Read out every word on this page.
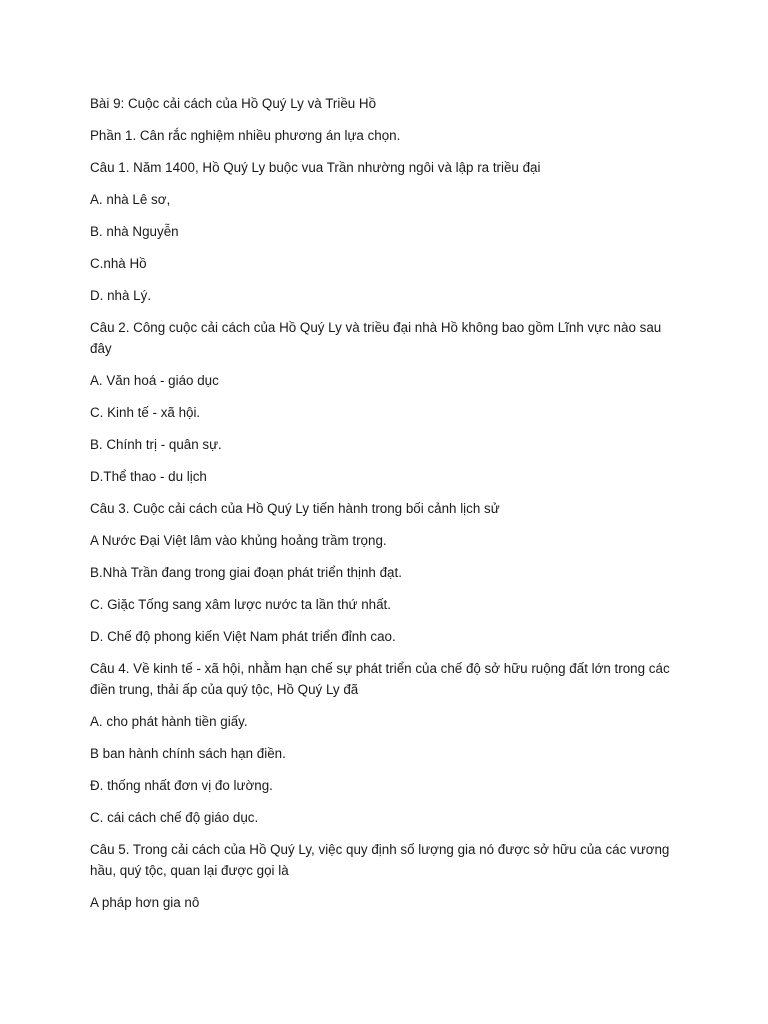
Bài 9: Cuộc cải cách của Hồ Quý Ly và Triều Hồ

Phần 1. Cân rắc nghiệm nhiều phương án lựa chọn.

Câu 1. Năm 1400, Hồ Quý Ly buộc vua Trần nhường ngôi và lập ra triều đại

A. nhà Lê sơ,

B. nhà Nguyễn

C.nhà Hồ

D. nhà Lý.

Câu 2. Công cuộc cải cách của Hồ Quý Ly và triều đại nhà Hồ không bao gồm Lĩnh vực nào sau đây

A. Văn hoá - giáo dục

C. Kinh tế - xã hội.

B. Chính trị - quân sự.

D.Thể thao - du lịch

Câu 3. Cuộc cải cách của Hồ Quý Ly tiến hành trong bối cảnh lịch sử

A Nước Đại Việt lâm vào khủng hoảng trầm trọng.

B.Nhà Trần đang trong giai đoạn phát triển thịnh đạt.

C. Giặc Tống sang xâm lược nước ta lần thứ nhất.

D. Chế độ phong kiến Việt Nam phát triển đỉnh cao.

Câu 4. Về kinh tế - xã hội, nhằm hạn chế sự phát triển của chế độ sở hữu ruộng đất lớn trong các điền trung, thải ấp của quý tộc, Hồ Quý Ly đã

A. cho phát hành tiền giấy.

B ban hành chính sách hạn điền.

Đ. thống nhất đơn vị đo lường.

C. cái cách chế độ giáo dục.

Câu 5. Trong cải cách của Hồ Quý Ly, việc quy định số lượng gia nó được sở hữu của các vương hầu, quý tộc, quan lại được gọi là

A pháp hơn gia nô
